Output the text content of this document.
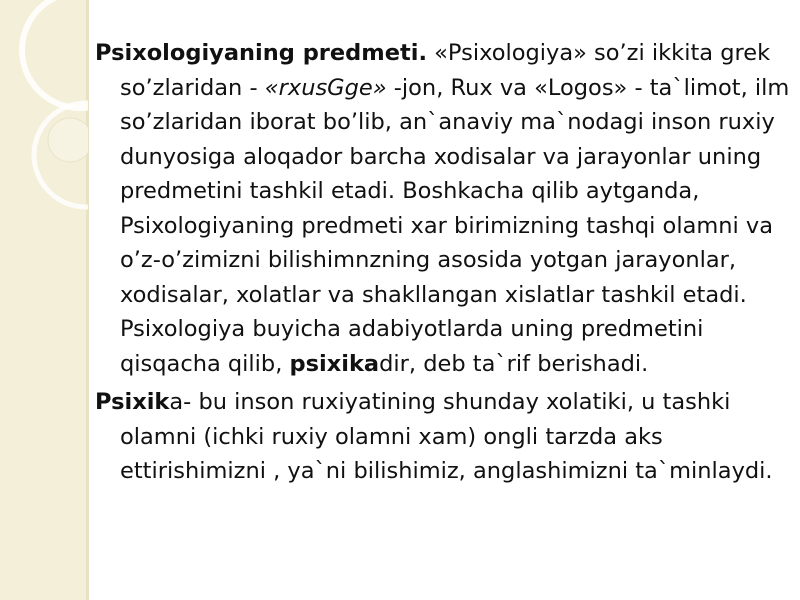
Psixologiyaning predmeti. «Psixologiya» so’zi ikkita grek so’zlaridan - «rxusGge» -jon, Rux va «Logos» - ta`limot, ilm so’zlaridan iborat bo’lib, an`anaviy ma`nodagi inson ruxiy dunyosiga aloqador barcha xodisalar va jarayonlar uning predmetini tashkil etadi. Boshkacha qilib aytganda, Psixologiyaning predmeti xar birimizning tashqi olamni va o’z-o’zimizni bilishimnzning asosida yotgan jarayonlar, xodisalar, xolatlar va shakllangan xislatlar tashkil etadi. Psixologiya buyicha adabiyotlarda uning predmetini qisqacha qilib, psixikadir, deb ta`rif berishadi.

Psixika- bu inson ruxiyatining shunday xolatiki, u tashki olamni (ichki ruxiy olamni xam) ongli tarzda aks ettirishimizni , ya`ni bilishimiz, anglashimizni ta`minlaydi.
